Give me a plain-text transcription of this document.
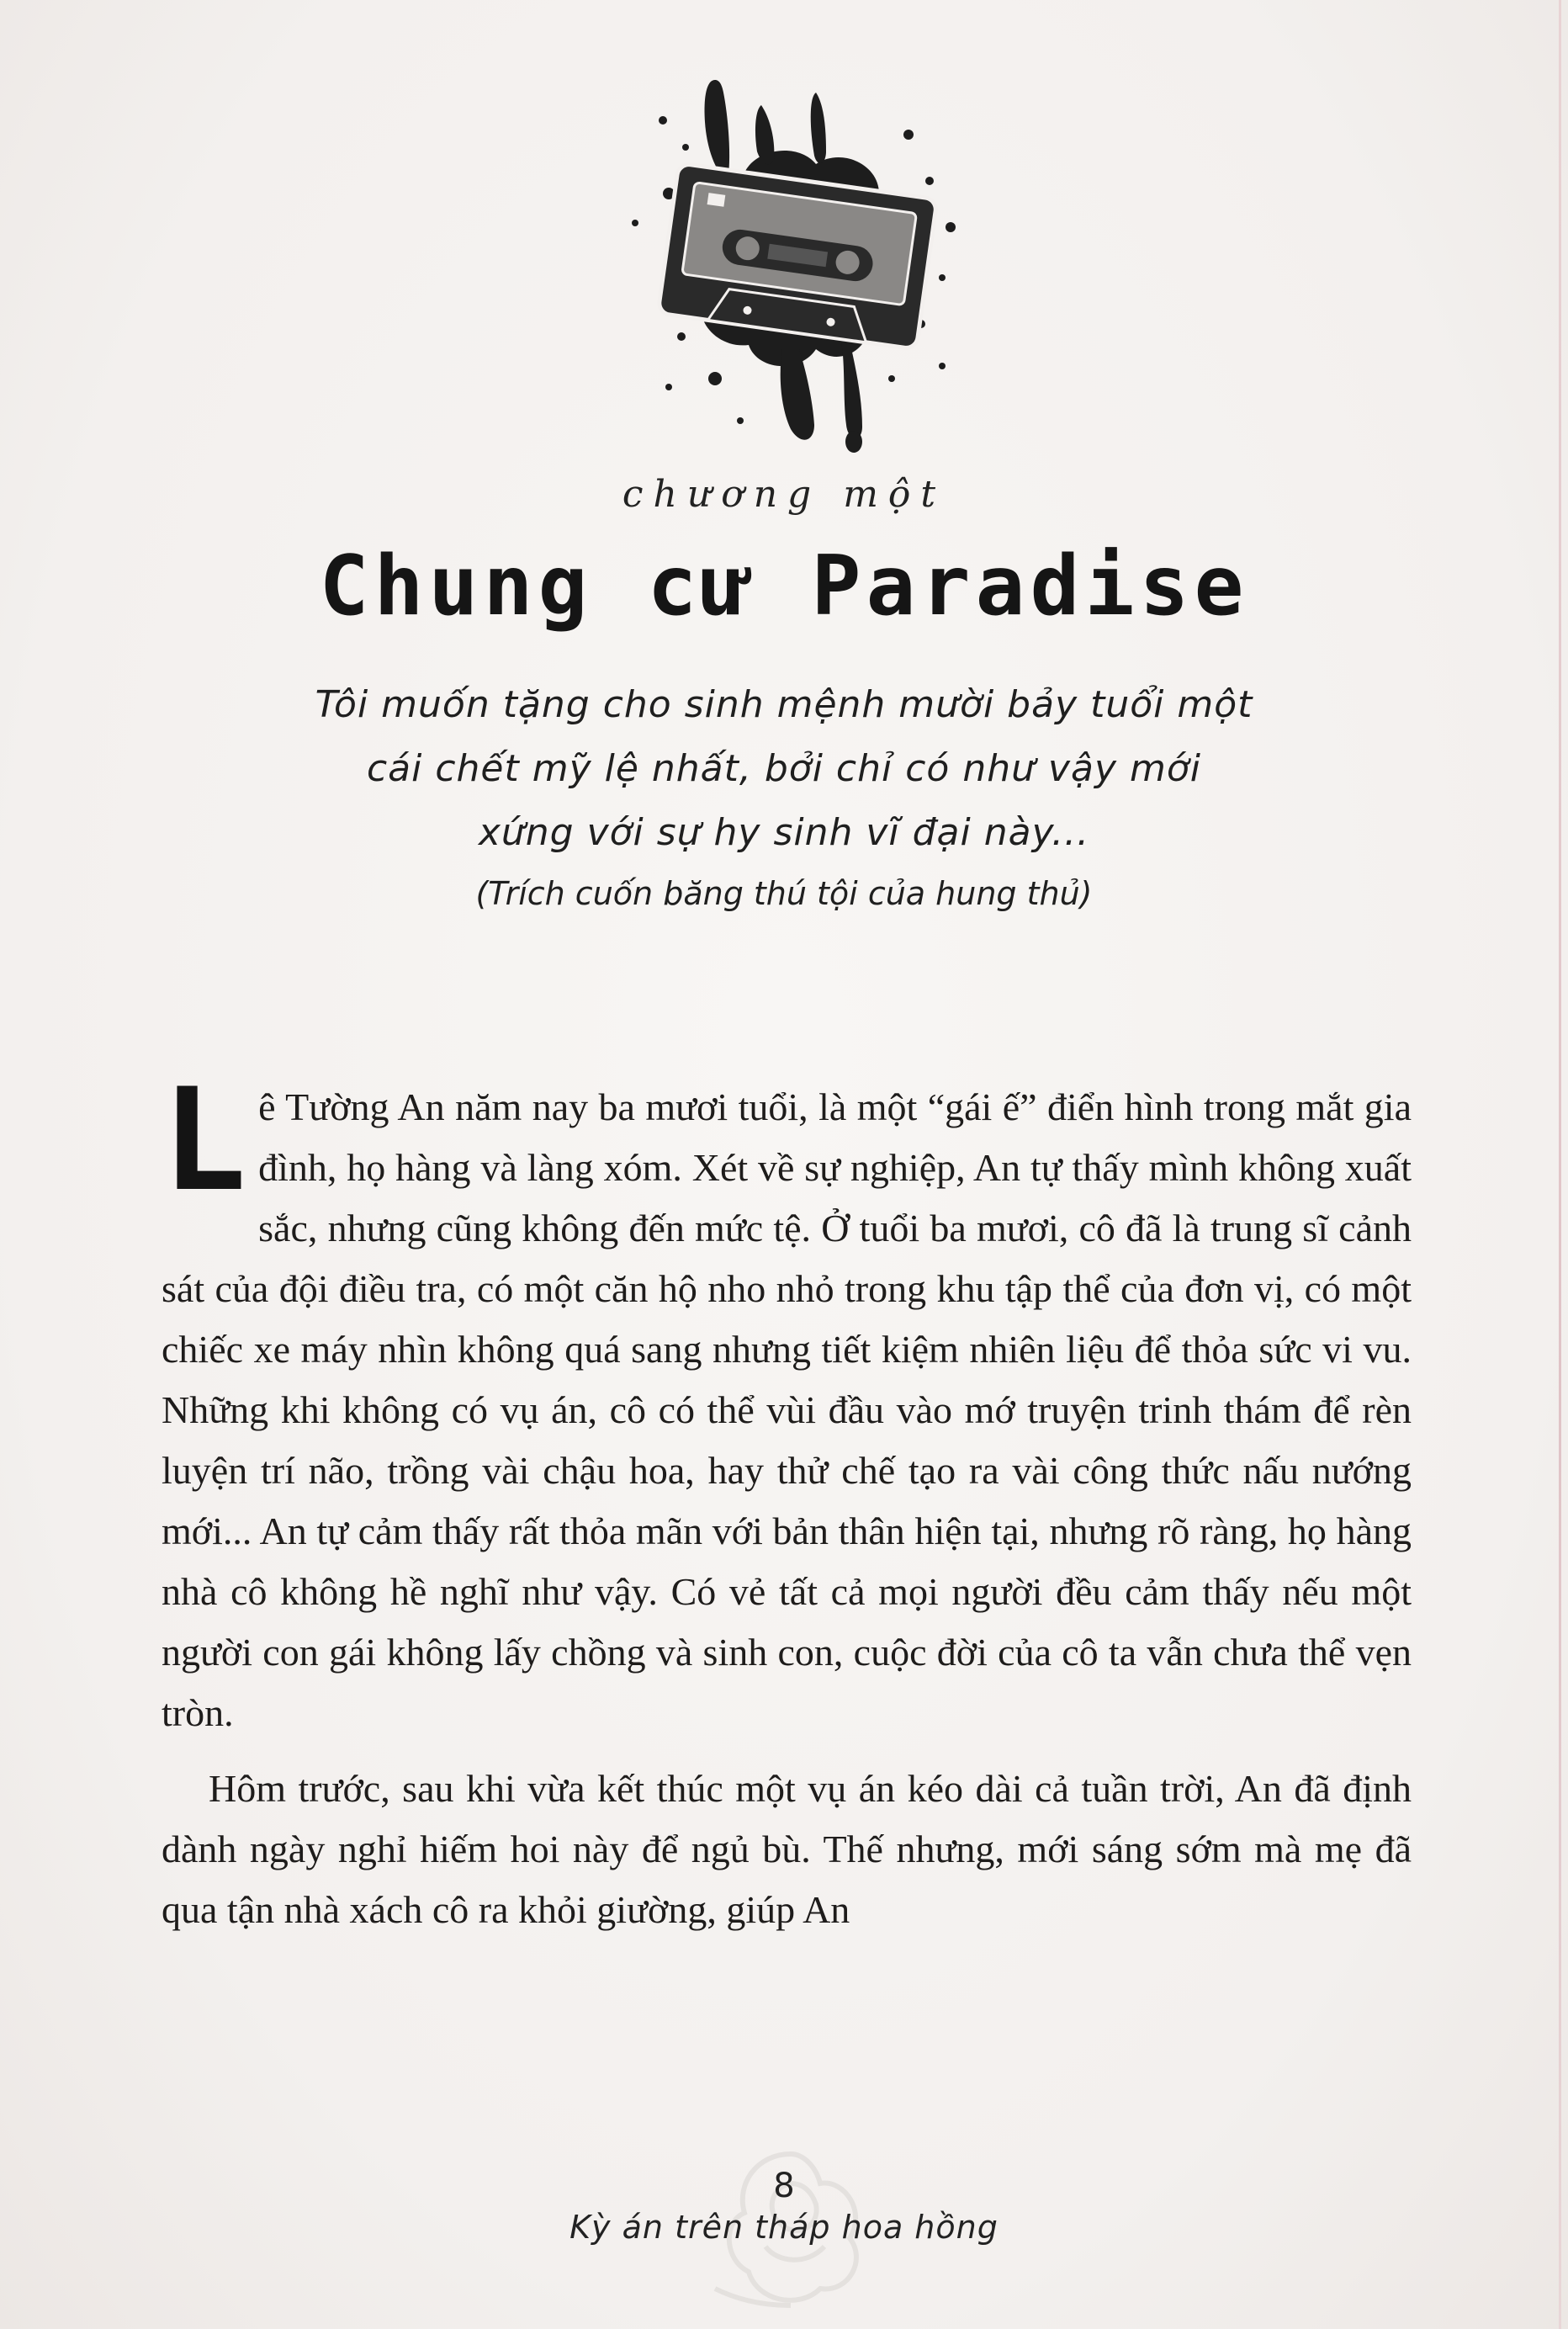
chương một
Chung cư Paradise
Tôi muốn tặng cho sinh mệnh mười bảy tuổi một
cái chết mỹ lệ nhất, bởi chỉ có như vậy mới
xứng với sự hy sinh vĩ đại này...
(Trích cuốn băng thú tội của hung thủ)

Lê Tường An năm nay ba mươi tuổi, là một “gái ế” điển hình trong mắt gia đình, họ hàng và làng xóm. Xét về sự nghiệp, An tự thấy mình không xuất sắc, nhưng cũng không đến mức tệ. Ở tuổi ba mươi, cô đã là trung sĩ cảnh sát của đội điều tra, có một căn hộ nho nhỏ trong khu tập thể của đơn vị, có một chiếc xe máy nhìn không quá sang nhưng tiết kiệm nhiên liệu để thỏa sức vi vu. Những khi không có vụ án, cô có thể vùi đầu vào mớ truyện trinh thám để rèn luyện trí não, trồng vài chậu hoa, hay thử chế tạo ra vài công thức nấu nướng mới... An tự cảm thấy rất thỏa mãn với bản thân hiện tại, nhưng rõ ràng, họ hàng nhà cô không hề nghĩ như vậy. Có vẻ tất cả mọi người đều cảm thấy nếu một người con gái không lấy chồng và sinh con, cuộc đời của cô ta vẫn chưa thể vẹn tròn.

Hôm trước, sau khi vừa kết thúc một vụ án kéo dài cả tuần trời, An đã định dành ngày nghỉ hiếm hoi này để ngủ bù. Thế nhưng, mới sáng sớm mà mẹ đã qua tận nhà xách cô ra khỏi giường, giúp An

8
Kỳ án trên tháp hoa hồng
